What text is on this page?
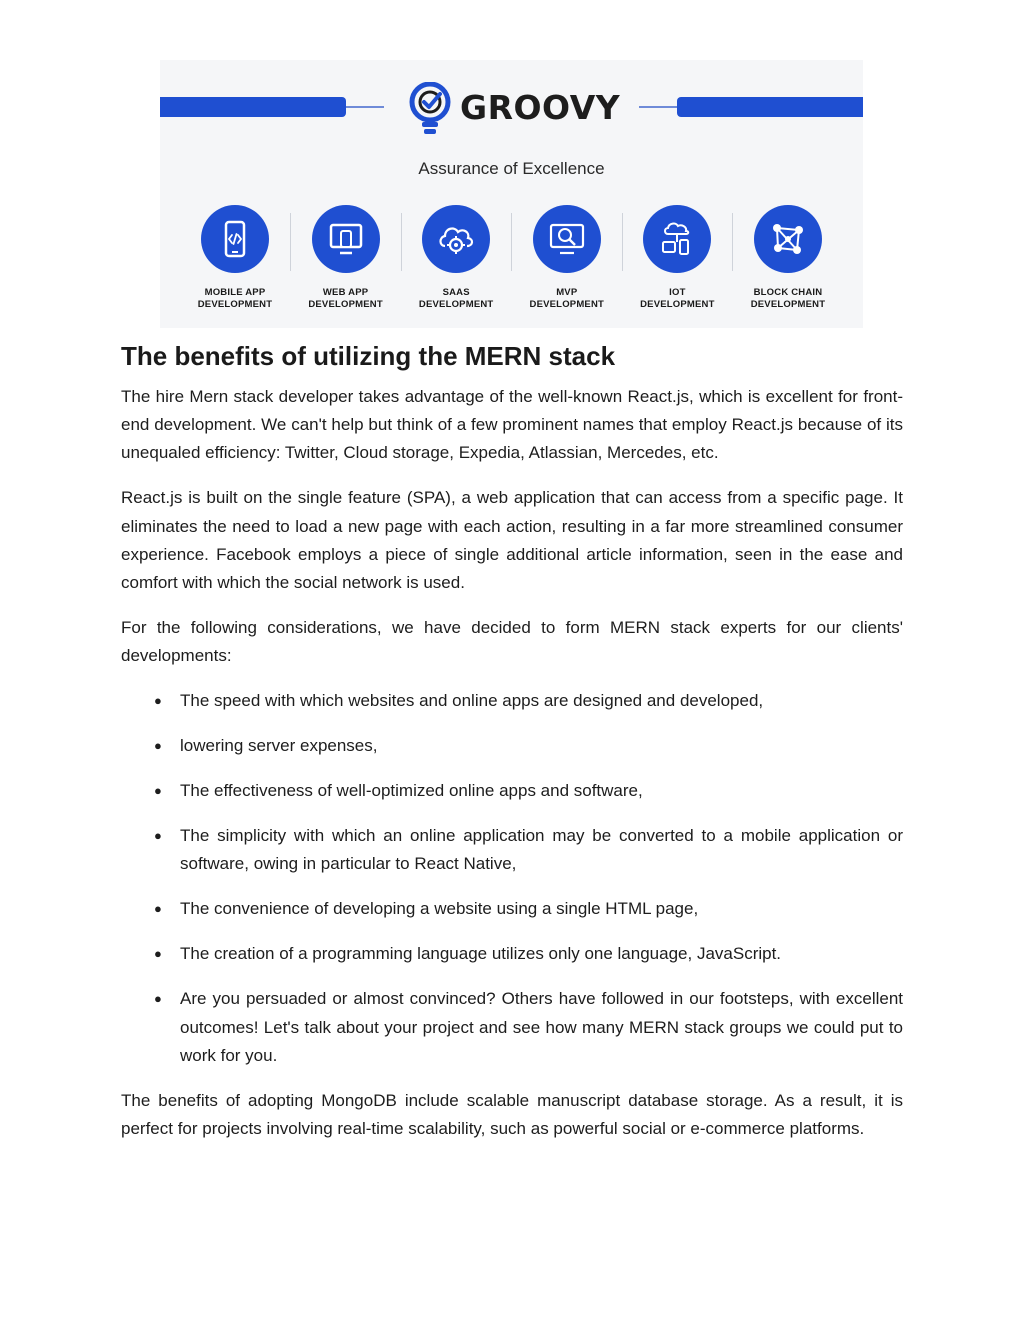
GROOVY
Assurance of Excellence
MOBILE APP
DEVELOPMENT
WEB APP
DEVELOPMENT
SAAS
DEVELOPMENT
MVP
DEVELOPMENT
IOT
DEVELOPMENT
BLOCK CHAIN
DEVELOPMENT
The benefits of utilizing the MERN stack

The hire Mern stack developer takes advantage of the well-known React.js, which is excellent for front-end development. We can't help but think of a few prominent names that employ React.js because of its unequaled efficiency: Twitter, Cloud storage, Expedia, Atlassian, Mercedes, etc.

React.js is built on the single feature (SPA), a web application that can access from a specific page. It eliminates the need to load a new page with each action, resulting in a far more streamlined consumer experience. Facebook employs a piece of single additional article information, seen in the ease and comfort with which the social network is used.

For the following considerations, we have decided to form MERN stack experts for our clients' developments:

● The speed with which websites and online apps are designed and developed,
● lowering server expenses,
● The effectiveness of well-optimized online apps and software,
● The simplicity with which an online application may be converted to a mobile application or software, owing in particular to React Native,
● The convenience of developing a website using a single HTML page,
● The creation of a programming language utilizes only one language, JavaScript.
● Are you persuaded or almost convinced? Others have followed in our footsteps, with excellent outcomes! Let's talk about your project and see how many MERN stack groups we could put to work for you.

The benefits of adopting MongoDB include scalable manuscript database storage. As a result, it is perfect for projects involving real-time scalability, such as powerful social or e-commerce platforms.
